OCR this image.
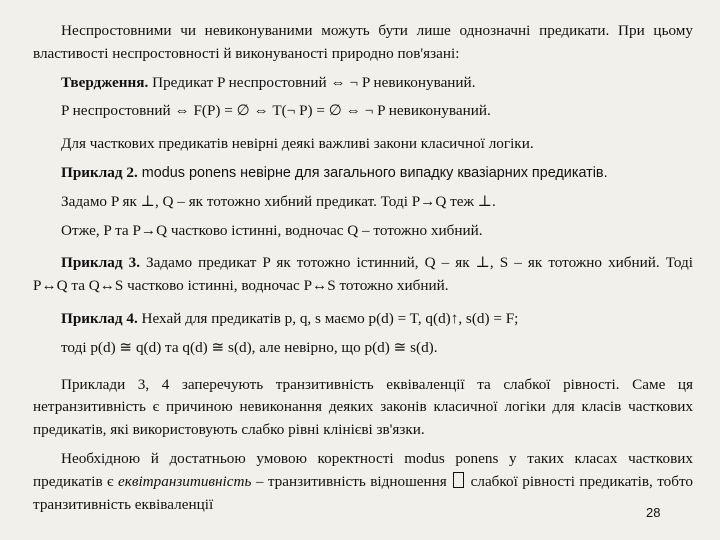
Неспростовними чи невиконуваними можуть бути лише однозначні предикати. При цьому властивості неспростовності й виконуваності природно пов'язані:

Твердження. Предикат P неспростовний ⇔ ¬ P невиконуваний.

P неспростовний ⇔ F(P) = ∅ ⇔ T(¬ P) = ∅ ⇔ ¬ P невиконуваний.

Для часткових предикатів невірні деякі важливі закони класичної логіки.

Приклад 2. modus ponens невірне для загального випадку квазіарних предикатів.

Задамо P як ⊥, Q – як тотожно хибний предикат. Тоді P→Q теж ⊥.

Отже, P та P→Q частково істинні, водночас Q – тотожно хибний.

Приклад 3. Задамо предикат P як тотожно істинний, Q – як ⊥, S – як тотожно хибний. Тоді P↔Q та Q↔S частково істинні, водночас P↔S тотожно хибний.

Приклад 4. Нехай для предикатів p, q, s маємо p(d) = T, q(d)↑, s(d) = F;

тоді p(d) ≅ q(d) та q(d) ≅ s(d), але невірно, що p(d) ≅ s(d).

Приклади 3, 4 заперечують транзитивність еквіваленції та слабкої рівності. Саме ця нетранзитивність є причиною невиконання деяких законів класичної логіки для класів часткових предикатів, які використовують слабко рівні клінієві зв'язки.

Необхідною й достатньою умовою коректності modus ponens у таких класах часткових предикатів є еквітранзитивність – транзитивність відношення  слабкої рівності предикатів, тобто транзитивність еквіваленції	28
